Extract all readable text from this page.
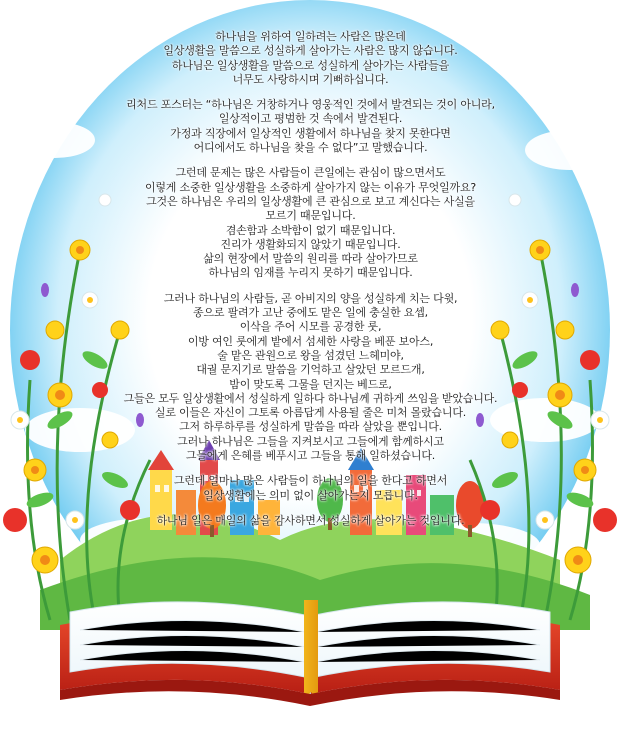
하나님을 위하여 일하려는 사람은 많은데
일상생활을 말씀으로 성실하게 살아가는 사람은 많지 않습니다.
하나님은 일상생활을 말씀으로 성실하게 살아가는 사람들을
너무도 사랑하시며 기뻐하십니다.
리처드 포스터는 “하나님은 거창하거나 영웅적인 것에서 발견되는 것이 아니라,
일상적이고 평범한 것 속에서 발견된다.
가정과 직장에서 일상적인 생활에서 하나님을 찾지 못한다면
어디에서도 하나님을 찾을 수 없다”고 말했습니다.
그런데 문제는 많은 사람들이 큰일에는 관심이 많으면서도
이렇게 소중한 일상생활을 소중하게 살아가지 않는 이유가 무엇일까요?
그것은 하나님은 우리의 일상생활에 큰 관심으로 보고 계신다는 사실을
모르기 때문입니다.
겸손함과 소박함이 없기 때문입니다.
진리가 생활화되지 않았기 때문입니다.
삶의 현장에서 말씀의 원리를 따라 살아가므로
하나님의 임재를 누리지 못하기 때문입니다.
그러나 하나님의 사람들, 곧 아비지의 양을 성실하게 치는 다윗,
종으로 팔려가 고난 중에도 맡은 일에 충실한 요셉,
이삭을 주어 시모를 공경한 룻,
이방 여인 룻에게 밭에서 섬세한 사랑을 베푼 보아스,
술 맡은 관원으로 왕을 섬겼던 느헤미야,
대궐 문지기로 말씀을 기억하고 살았던 모르드개,
밤이 맞도록 그물을 던지는 베드로,
그들은 모두 일상생활에서 성실하게 일하다 하나님께 귀하게 쓰임을 받았습니다.
실로 이들은 자신이 그토록 아름답게 사용될 줄은 미처 몰랐습니다.
그저 하루하루를 성실하게 말씀을 따라 살았을 뿐입니다.
그러나 하나님은 그들을 지켜보시고 그들에게 함께하시고
그들에게 은혜를 베푸시고 그들을 통해 일하셨습니다.
그런데 얼마나 많은 사람들이 하나님의 일을 한다고 하면서
일상생활에는 의미 없이 살아가는지 모릅니다.
하나님 일은 매일의 삶을 감사하면서 성실하게 살아가는 것입니다.
